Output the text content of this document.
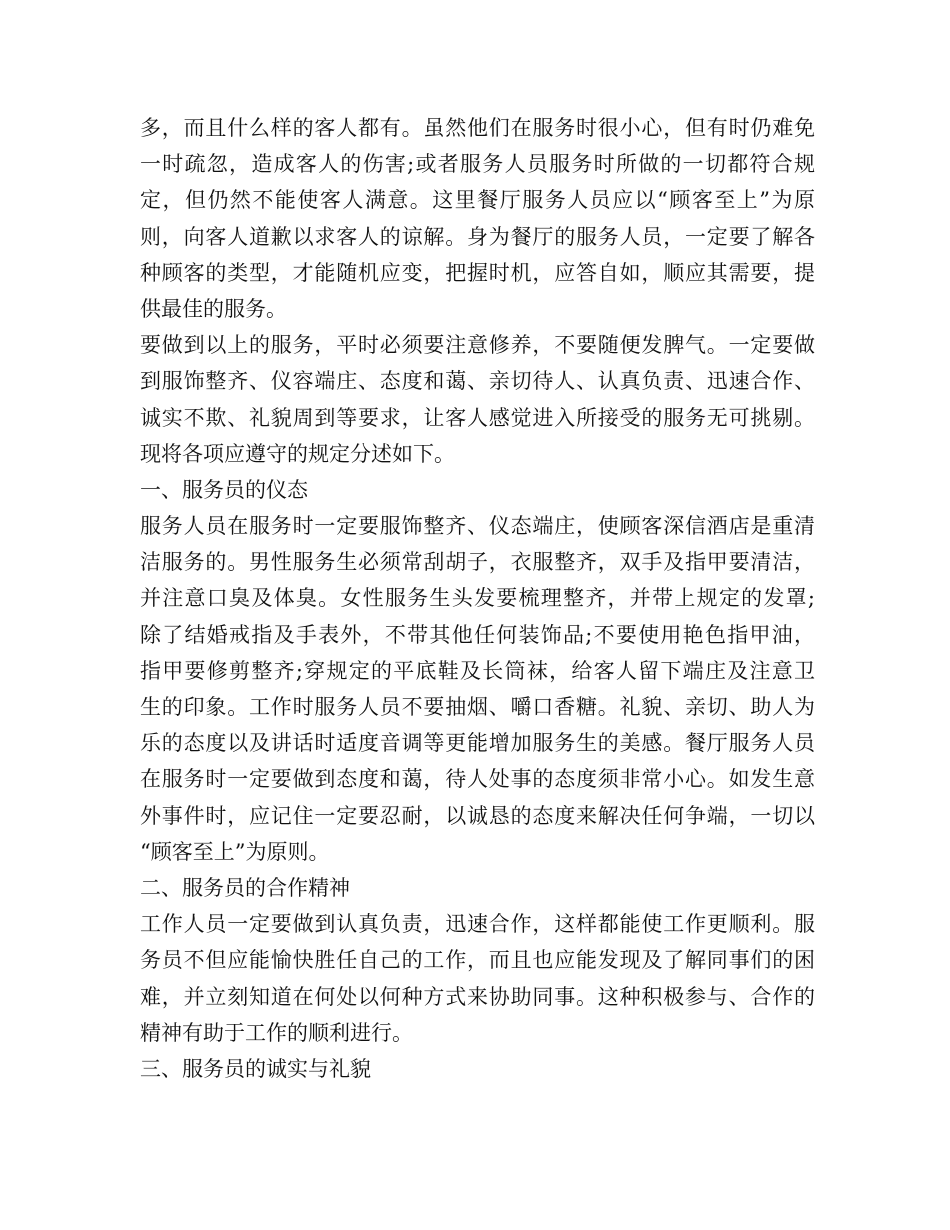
多，而且什么样的客人都有。虽然他们在服务时很小心，但有时仍难免
一时疏忽，造成客人的伤害;或者服务人员服务时所做的一切都符合规
定，但仍然不能使客人满意。这里餐厅服务人员应以“顾客至上”为原
则，向客人道歉以求客人的谅解。身为餐厅的服务人员，一定要了解各
种顾客的类型，才能随机应变，把握时机，应答自如，顺应其需要，提
供最佳的服务。
要做到以上的服务，平时必须要注意修养，不要随便发脾气。一定要做
到服饰整齐、仪容端庄、态度和蔼、亲切待人、认真负责、迅速合作、
诚实不欺、礼貌周到等要求，让客人感觉进入所接受的服务无可挑剔。
现将各项应遵守的规定分述如下。
一、服务员的仪态
服务人员在服务时一定要服饰整齐、仪态端庄，使顾客深信酒店是重清
洁服务的。男性服务生必须常刮胡子，衣服整齐，双手及指甲要清洁，
并注意口臭及体臭。女性服务生头发要梳理整齐，并带上规定的发罩;
除了结婚戒指及手表外，不带其他任何装饰品;不要使用艳色指甲油，
指甲要修剪整齐;穿规定的平底鞋及长筒袜，给客人留下端庄及注意卫
生的印象。工作时服务人员不要抽烟、嚼口香糖。礼貌、亲切、助人为
乐的态度以及讲话时适度音调等更能增加服务生的美感。餐厅服务人员
在服务时一定要做到态度和蔼，待人处事的态度须非常小心。如发生意
外事件时，应记住一定要忍耐，以诚恳的态度来解决任何争端，一切以
“顾客至上”为原则。
二、服务员的合作精神
工作人员一定要做到认真负责，迅速合作，这样都能使工作更顺利。服
务员不但应能愉快胜任自己的工作，而且也应能发现及了解同事们的困
难，并立刻知道在何处以何种方式来协助同事。这种积极参与、合作的
精神有助于工作的顺利进行。
三、服务员的诚实与礼貌
